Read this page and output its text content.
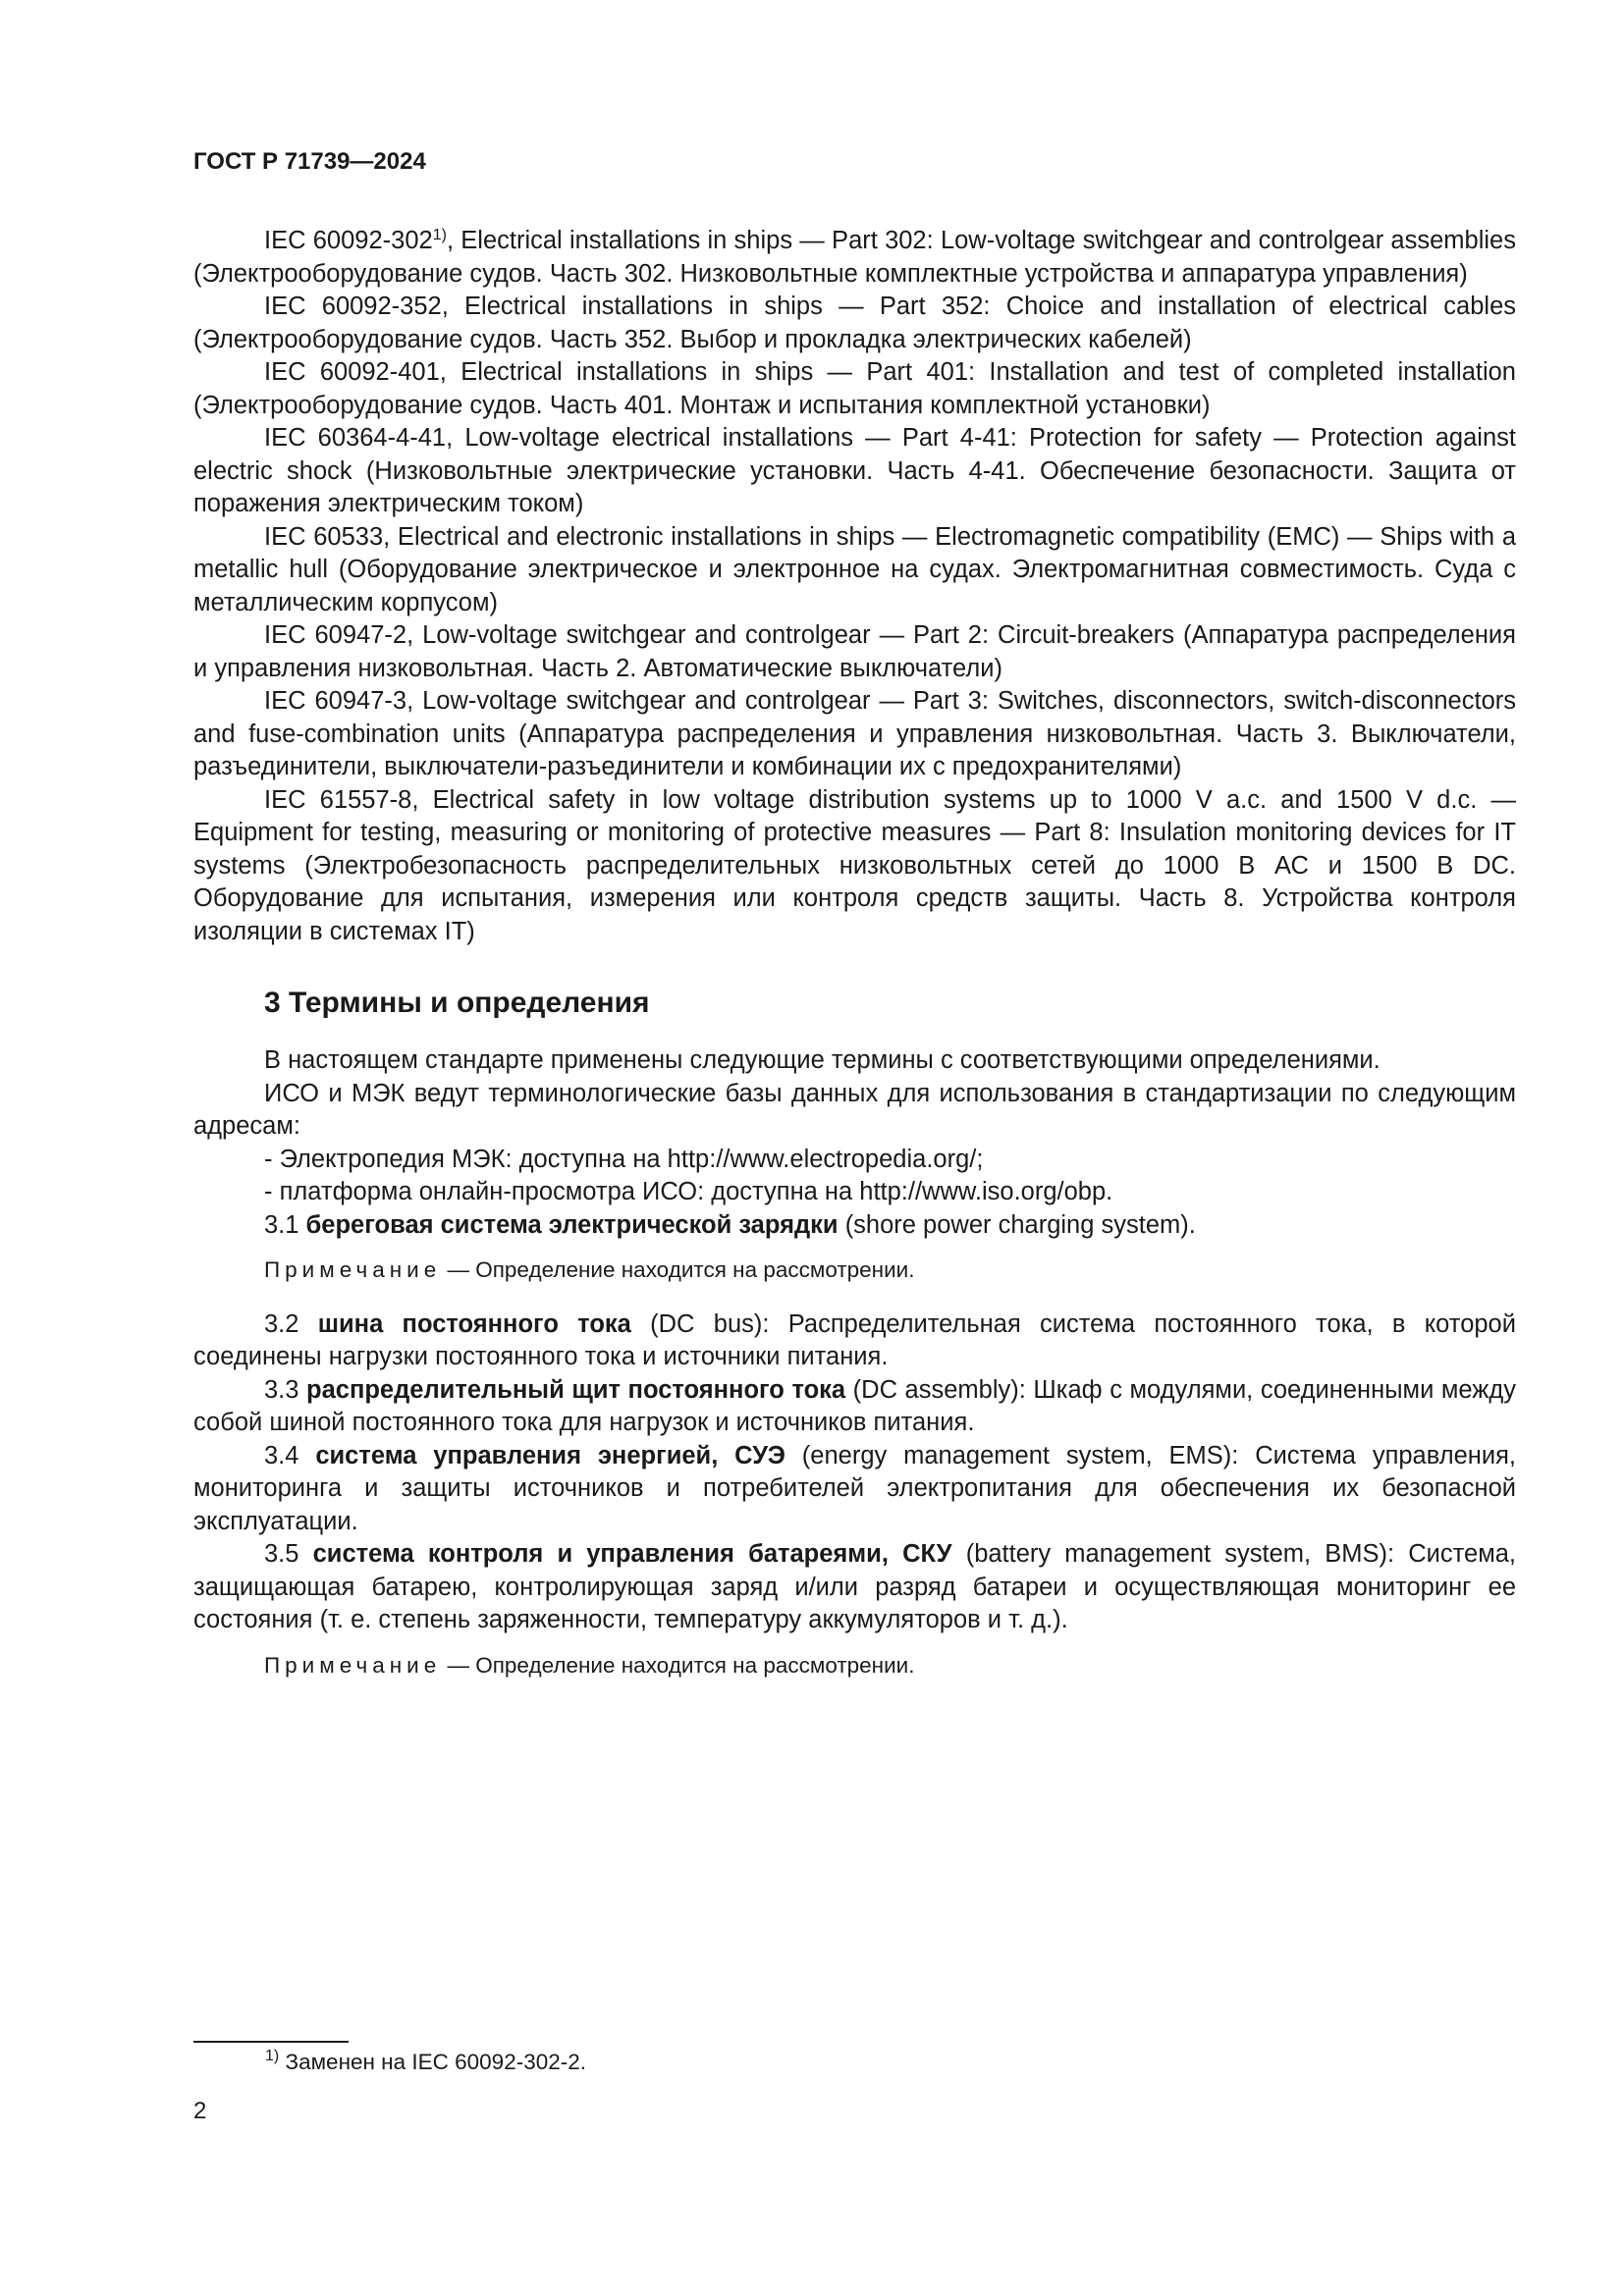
ГОСТ Р 71739—2024

IEC 60092-302$^{1)}$, Electrical installations in ships — Part 302: Low-voltage switchgear and controlgear assemblies (Электрооборудование судов. Часть 302. Низковольтные комплектные устройства и аппаратура управления)

IEC 60092-352, Electrical installations in ships — Part 352: Choice and installation of electrical cables (Электрооборудование судов. Часть 352. Выбор и прокладка электрических кабелей)

IEC 60092-401, Electrical installations in ships — Part 401: Installation and test of completed installation (Электрооборудование судов. Часть 401. Монтаж и испытания комплектной установки)

IEC 60364-4-41, Low-voltage electrical installations — Part 4-41: Protection for safety — Protection against electric shock (Низковольтные электрические установки. Часть 4-41. Обеспечение безопасности. Защита от поражения электрическим током)

IEC 60533, Electrical and electronic installations in ships — Electromagnetic compatibility (EMC) — Ships with a metallic hull (Оборудование электрическое и электронное на судах. Электромагнитная совместимость. Суда с металлическим корпусом)

IEC 60947-2, Low-voltage switchgear and controlgear — Part 2: Circuit-breakers (Аппаратура распределения и управления низковольтная. Часть 2. Автоматические выключатели)

IEC 60947-3, Low-voltage switchgear and controlgear — Part 3: Switches, disconnectors, switch-disconnectors and fuse-combination units (Аппаратура распределения и управления низковольтная. Часть 3. Выключатели, разъединители, выключатели-разъединители и комбинации их с предохранителями)

IEC 61557-8, Electrical safety in low voltage distribution systems up to 1000 V a.c. and 1500 V d.c. — Equipment for testing, measuring or monitoring of protective measures — Part 8: Insulation monitoring devices for IT systems (Электробезопасность распределительных низковольтных сетей до 1000 В АС и 1500 В DC. Оборудование для испытания, измерения или контроля средств защиты. Часть 8. Устройства контроля изоляции в системах IT)

3 Термины и определения

В настоящем стандарте применены следующие термины с соответствующими определениями.

ИСО и МЭК ведут терминологические базы данных для использования в стандартизации по следующим адресам:

- Электропедия МЭК: доступна на http://www.electropedia.org/;

- платформа онлайн-просмотра ИСО: доступна на http://www.iso.org/obp.

3.1 береговая система электрической зарядки (shore power charging system).

Примечание — Определение находится на рассмотрении.

3.2 шина постоянного тока (DC bus): Распределительная система постоянного тока, в которой соединены нагрузки постоянного тока и источники питания.

3.3 распределительный щит постоянного тока (DC assembly): Шкаф с модулями, соединенными между собой шиной постоянного тока для нагрузок и источников питания.

3.4 система управления энергией, СУЭ (energy management system, EMS): Система управления, мониторинга и защиты источников и потребителей электропитания для обеспечения их безопасной эксплуатации.

3.5 система контроля и управления батареями, СКУ (battery management system, BMS): Система, защищающая батарею, контролирующая заряд и/или разряд батареи и осуществляющая мониторинг ее состояния (т. е. степень заряженности, температуру аккумуляторов и т. д.).

Примечание — Определение находится на рассмотрении.

$^{1)}$ Заменен на IEC 60092-302-2.
2
